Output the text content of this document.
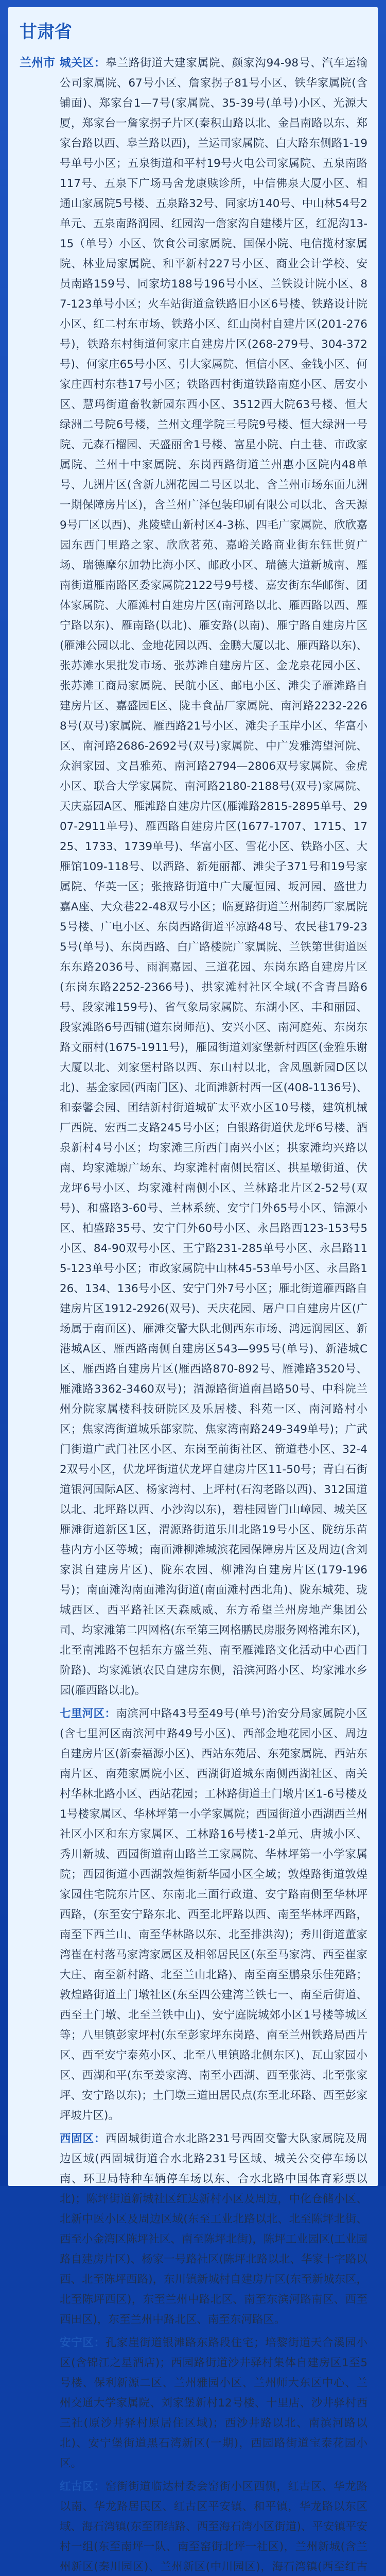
甘肃省
兰州市 城关区：皋兰路街道大建家属院、颜家沟94-98号、汽车运输公司家属院、67号小区、詹家拐子81号小区、铁华家属院(含铺面)、郑家台1—7号(家属院、35-39号(单号)小区、光源大厦，郑家台一詹家拐子片区(秦积山路以北、金昌南路以东、郑家台路以西、皋兰路以西)，兰运司家属院、白大路东侧路1-19号单号小区；五泉街道和平村19号火电公司家属院、五泉南路117号、五泉下广场马舍龙康赎诊所，中信佛泉大厦小区、相通山家属院5号楼、五泉路32号、同家坊140号、中山林54号2单元、五泉南路润园、红园沟一詹家沟自建楼片区，红泥沟13-15（单号）小区、饮食公司家属院、国保小院、电信揽材家属院、林业局家属院、和平新村227号小区、商业会计学校、安员南路159号、同家坊188号196号小区、兰铁设计院小区、87-123单号小区；火车站街道盒铁路旧小区6号楼、铁路设计院小区、红二村东市场、铁路小区、红山岗村自建片区(201-276号)，铁路东村街道何家庄自建房片区(268-279号、304-372号)、何家庄65号小区、引大家属院、恒信小区、金钱小区、何家庄西村东巷17号小区；铁路西村街道铁路南庭小区、居安小区、慧玛街道畜牧新园东西小区、3512西大院63号楼、恒大绿洲二号院6号楼，兰州文理学院三号院9号楼、恒大绿洲一号院、元森石榴园、天盛丽舍1号楼、富星小院、白土巷、市政家属院、兰州十中家属院、东岗西路街道兰州惠小区院内48单号、九洲片区(含新九洲花园二号区以北、含兰州市场东面九洲一期保障房片区)，含兰州广泽包装印刷有限公司以北、含天源9号厂区以西)、兆陵壁山新村区4-3栋、四毛广家属院、欣欣嘉园东西门里路之家、欣欣茗苑、嘉峪关路商业街东钰世贸广场、瑞德摩尔加勃比海小区、邮政小区、瑞德大道新城南、雁南街道雁南路区委家属院2122号9号楼、嘉安街东华邮街、团体家属院、大雁滩村自建房片区(南河路以北、雁西路以西、雁宁路以东)、雁南路(以北)、雁安路(以南)、雁宁路自建房片区(雁滩公园以北、金地花园以西、金鹏大厦以北、雁西路以东)、张苏滩水果批发市场、张苏滩自建房片区、金龙泉花园小区、张苏滩工商局家属院、民航小区、邮电小区、滩尖子雁滩路自建房片区、嘉盛园E区、陇丰食品厂家属院、南河路2232-2268号(双号)家属院、雁西路21号小区、滩尖子玉岸小区、华富小区、南河路2686-2692号(双号)家属院、中广发雅湾望河院、众润家园、文昌雅苑、南河路2794—2806双号家属院、金虎小区、联合大学家属院、南河路2180-2188号(双号)家属院、天庆嘉园A区、雁滩路自建房片区(雁滩路2815-2895单号、2907-2911单号)、雁西路自建房片区(1677-1707、1715、1725、1733、1739单号)、华富小区、雪花小区、铁路小区、大雁馆109-118号、以酒路、新苑丽都、滩尖子371号和19号家属院、华英一区；张掖路街道中广大厦恒园、坂河园、盛世力嘉A座、大众巷22-48双号小区；临夏路街道兰州制药厂家属院5号楼、广电小区、东岗西路街道平凉路48号、农民巷179-235号(单号)、东岗西路、白广路楼院广家属院、兰铁第世街道医东东路2036号、雨润嘉园、三道花园、东岗东路自建房片区(东岗东路2252-2366号)、拱家滩村社区全域(不含青昌路6号、段家滩159号)、省气象局家属院、东湖小区、丰和丽园、段家滩路6号西铺(道东岗师范)、安兴小区、南河庭苑、东岗东路文丽村(1675-1911号)，雁园街道刘家堡新村西区(金雅乐谢大厦以北、刘家堡村路以西、东山村以北，含凤凰新园D区以北)、基金家园(西南门区)、北面滩新村西一区(408-1136号)、和泰馨会园、团结新村街道城矿太平欢小区10号楼，建筑机械厂西院、宏西二支路245号小区；白银路街道伏龙坪6号楼、酒泉新村4号小区；均家滩三所西门南兴小区；拱家滩均兴路以南、均家滩塬广场东、均家滩村南侧民宿区、拱星墩街道、伏龙坪6号小区、均家滩村南侧小区、兰林路北片区2-52号(双号)、和盛路3-60号、兰林系统、安宁门外65号小区、锦源小区、柏盛路35号、安宁门外60号小区、永昌路西123-153号5小区、84-90双号小区、王宁路231-285单号小区、永昌路115-123单号小区；市政家属院中山林45-53单号小区、永昌路126、134、136号小区、安宁门外7号小区；雁北街道雁西路自建房片区1912-2926(双号)、天庆花园、屠户口自建房片区(广场属于南面区)、雁滩交警大队北侧西东市场、鸿远润园区、新港城A区、雁西路南侧自建房区543—995号(单号)、新港城C区、雁西路自建房片区(雁西路870-892号、雁滩路3520号、雁滩路3362-3460双号)；渭源路街道南昌路50号、中科院兰州分院家属楼科技研院区及乐居楼、科苑一区、南河路村小区；焦家湾街道城乐部家院、焦家湾南路249-349单号)；广武门街道广武门社区小区、东岗至前街社区、箭道巷小区、32-42双号小区，伏龙坪街道伏龙坪自建房片区11-50号；青白石街道银河国际A区、杨家湾村、上坪村(石沟老路以西)、312国道以北、北坪路以西、小沙沟以东)，碧桂园皆门山嶂园、城关区雁滩街道新区1区，渭源路街道乐川北路19号小区、陇纺乐苗巷内方小区等城；南面滩柳滩城滨花园保障房片区及周边(含刘家淇自建房片区)、陇东农园、柳滩沟自建房片区(179-196号)；南面滩沟南面滩沟街道(南面滩村西北角)、陇东城苑、珑城西区、西平路社区天森威威、东方希望兰州房地产集团公司、均家滩第二四网格(东至第三网格鹏民房服务网格滩东区)，北至南滩路不包括东方盛兰苑、南至雁滩路文化活动中心西门阶路)、均家滩镇农民自建房东侧，沿滨河路小区、均家滩水乡园(雁西路以北)。

七里河区：南滨河中路43号至49号(单号)治安分局家属院小区(含七里河区南滨河中路49号小区)、西部金地花园小区、周边自建房片区(新泰福源小区)、西站东苑居、东苑家属院、西站东南片区、南苑家属院小区、西湖街道城东南侧西湖社区、南关村华林北路小区、西站花园；工林路街道土门墩片区1-6号楼及1号楼家属区、华林坪第一小学家属院；西园街道小西湖西兰州社区小区和东方家属区、工林路16号楼1-2单元、唐城小区、秀川新城、西园街道南山路兰工家属院、华林坪第一小学家属院；西园街道小西湖敦煌街新华园小区全域；敦煌路街道敦煌家园住宅院东片区、东南北三面行政道、安宁路南侧至华林坪西路，(东至安宁路东北、西至北坪路以西、南至华林坪西路，南至下西兰山、南至华林路以东、北至排洪沟)；秀川街道董家湾崔在村落马家湾家属区及相邻居民区(东至马家湾、西至崔家大庄、南至新村路、北至兰山北路)、南至南至鹏泉乐佳苑路；敦煌路街道土门墩社区(东至四公建湾兰铁七一、南至后街道、西至土门墩、北至兰铁中山)、安宁庭院城郊小区1号楼等城区等；八里镇彭家坪村(东至彭家坪东岗路、南至兰州铁路局西片区、西至安宁泰苑小区、北至八里镇路北侧东区)、瓦山家园小区、西湖和平(东至姜家湾、南至小西湖、西至张湾、北至张家坪、安宁路以东)；土门墩三道田居民点(东至北环路、西至彭家坪坡片区)。

西固区：西固城街道合水北路231号西固交警大队家属院及周边区域(西固城街道合水北路231号区域、城关公交停车场以南、环卫局特种车辆停车场以东、合水北路中国体育彩票以北)；陈坪街道新城社区红达新村小区及周边，中化仓储小区、北新中医小区及周边区域(东至工业北路以北、北至陈坪北街、西至小金湾区陈坪社区、南至陈坪北街)，陈坪工业园区(工业园路自建房片区)、杨家一号路社区(陈坪北路以北、华家十字路以西、北至陈坪西路)，东川镇新城村自建房片区(东至新城东区，北至陈坪西区)，东至兰州中路北区、南至东滨河路南区、西至西田区)，东至兰州中路北区、南至东河路区。

安宁区：孔家崖街道银滩路东路段住宅；培黎街道天合溪园小区(含锦江之星酒店)；西园路街道沙井驿村集体自建房区1至5号楼、保利新源二区、兰州雅园小区、兰州师大东区中心、兰州交通大学家属院、刘家堡新村12号楼、十里店、沙井驿村西三社(原沙井驿村原居住区域)；西沙井路以北、南滨河路以北)、安宁堡街道黑石湾新区(一期)，西园路街道宝泰花园小区。

红古区：窑街街道临达村委会窑街小区西侧，红古区、华龙路以南、华龙路居民区、红古区平安镇、和平镇，华龙路以东区域、海石湾镇(东至团结路、西至海石湾小区街道)、平安镇平安村一组(东至南坪一队、南至窑街北坪一社区)，兰州新城(含兰州新区(秦川园区)、兰州新区(中川园区)，海石湾镇(西至红古
